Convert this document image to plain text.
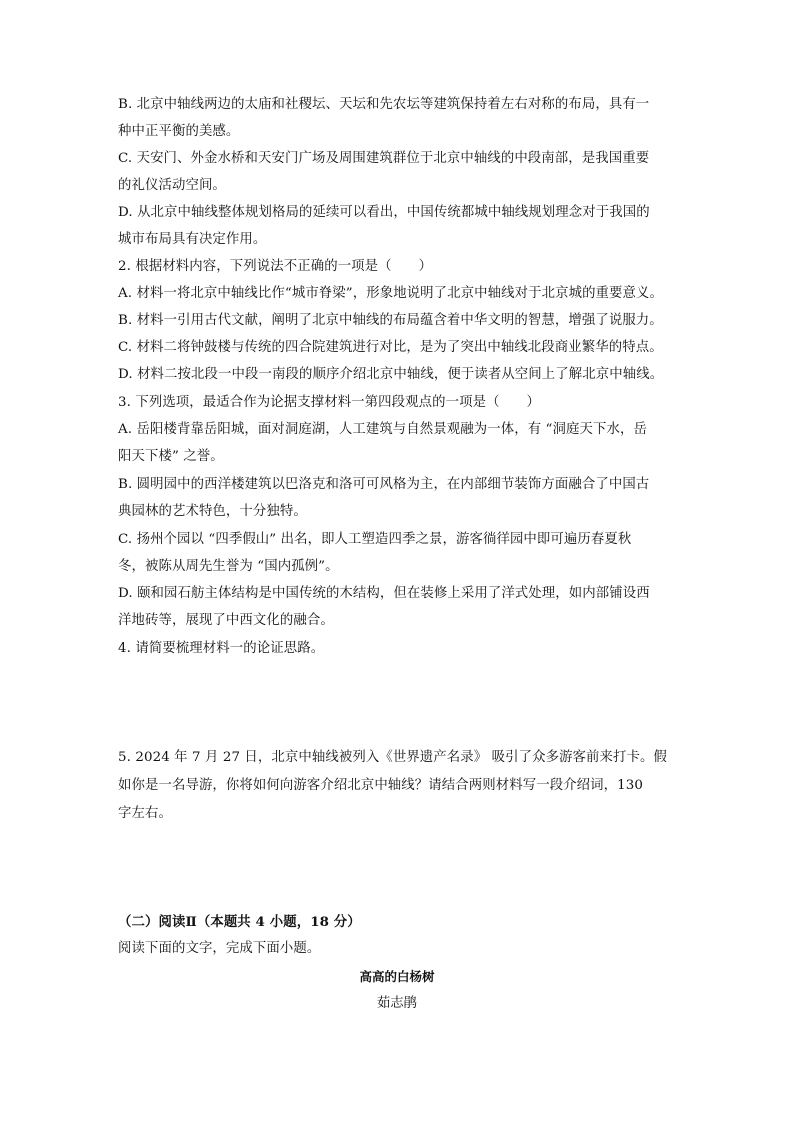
B. 北京中轴线两边的太庙和社稷坛、天坛和先农坛等建筑保持着左右对称的布局，具有一
种中正平衡的美感。
C. 天安门、外金水桥和天安门广场及周围建筑群位于北京中轴线的中段南部，是我国重要
的礼仪活动空间。
D. 从北京中轴线整体规划格局的延续可以看出，中国传统都城中轴线规划理念对于我国的
城市布局具有决定作用。
2. 根据材料内容，下列说法不正确的一项是（　　）
A. 材料一将北京中轴线比作“城市脊梁”，形象地说明了北京中轴线对于北京城的重要意义。
B. 材料一引用古代文献，阐明了北京中轴线的布局蕴含着中华文明的智慧，增强了说服力。
C. 材料二将钟鼓楼与传统的四合院建筑进行对比，是为了突出中轴线北段商业繁华的特点。
D. 材料二按北段一中段一南段的顺序介绍北京中轴线，便于读者从空间上了解北京中轴线。
3. 下列选项，最适合作为论据支撑材料一第四段观点的一项是（　　）
A. 岳阳楼背靠岳阳城，面对洞庭湖，人工建筑与自然景观融为一体，有 “洞庭天下水，岳
阳天下楼” 之誉。
B. 圆明园中的西洋楼建筑以巴洛克和洛可可风格为主，在内部细节装饰方面融合了中国古
典园林的艺术特色，十分独特。
C. 扬州个园以 “四季假山” 出名，即人工塑造四季之景，游客徜徉园中即可遍历春夏秋
冬，被陈从周先生誉为 “国内孤例”。
D. 颐和园石舫主体结构是中国传统的木结构，但在装修上采用了洋式处理，如内部铺设西
洋地砖等，展现了中西文化的融合。
4. 请简要梳理材料一的论证思路。
5. 2024 年 7 月 27 日，北京中轴线被列入《世界遗产名录》 吸引了众多游客前来打卡。假
如你是一名导游，你将如何向游客介绍北京中轴线？请结合两则材料写一段介绍词，130
字左右。
（二）阅读Ⅱ（本题共 4 小题，18 分）
阅读下面的文字，完成下面小题。
高高的白杨树
茹志鹃
